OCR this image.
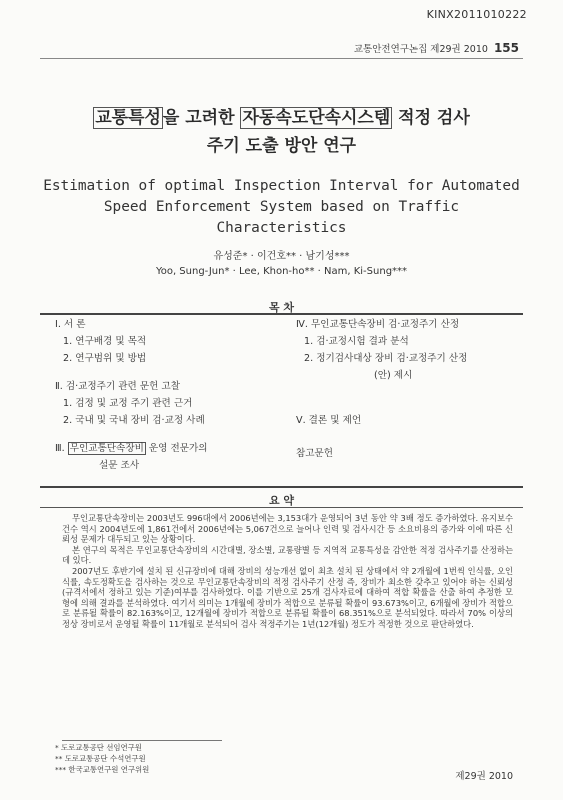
KINX2011010222
교통안전연구논집 제29권 2010 155
교통특성 을 고려한 자동속도단속시스템 적정 검사
주기 도출 방안 연구
Estimation of optimal Inspection Interval for Automated
Speed Enforcement System based on Traffic
Characteristics
유성준* · 이건호** · 남기성***
Yoo, Sung-Jun* · Lee, Khon-ho** · Nam, Ki-Sung***
목 차
Ⅰ. 서 론
1. 연구배경 및 목적
2. 연구범위 및 방법
Ⅱ. 검·교정주기 관련 문헌 고찰
1. 검정 및 교정 주기 관련 근거
2. 국내 및 국내 장비 검·교정 사례
Ⅲ. 무인교통단속장비 운영 전문가의
설문 조사
Ⅳ. 무인교통단속장비 검·교정주기 산정
1. 검·교정시험 결과 분석
2. 정기검사대상 장비 검·교정주기 산정
(안) 제시
Ⅴ. 결론 및 제언
참고문헌
요 약

무인교통단속장비는 2003년도 996대에서 2006년에는 3,153대가 운영되어 3년 동안 약 3배 정도 증가하였다. 유지보수건수 역시 2004년도에 1,861건에서 2006년에는 5,067건으로 늘어나 인력 및 검사시간 등 소요비용의 증가와 이에 따른 신뢰성 문제가 대두되고 있는 상황이다.

본 연구의 목적은 무인교통단속장비의 시간대별, 장소별, 교통량별 등 지역적 교통특성을 감안한 적정 검사주기를 산정하는데 있다.

2007년도 후반기에 설치 된 신규장비에 대해 장비의 성능개선 없이 최초 설치 된 상태에서 약 2개월에 1번씩 인식률, 오인식률, 속도정확도을 검사하는 것으로 무인교통단속장비의 적정 검사주기 산정 즉, 장비가 최소한 갖추고 있어야 하는 신뢰성(규격서에서 정하고 있는 기준)여부를 검사하였다. 이를 기반으로 25개 검사자료에 대하여 적합 확률을 산출 하여 추정한 모형에 의해 결과를 분석하였다. 여기서 의미는 1개월에 장비가 적합으로 분류될 확률이 93.673%이고, 6개월에 장비가 적합으로 분류될 확률이 82.163%이고, 12개월에 장비가 적합으로 분류될 확률이 68.351%으로 분석되었다. 따라서 70% 이상의 정상 장비로서 운영될 확률이 11개월로 분석되어 검사 적정주기는 1년(12개월) 정도가 적정한 것으로 판단하였다.

* 도로교통공단 선임연구원
** 도로교통공단 수석연구원
*** 한국교통연구원 연구위원
제29권 2010
